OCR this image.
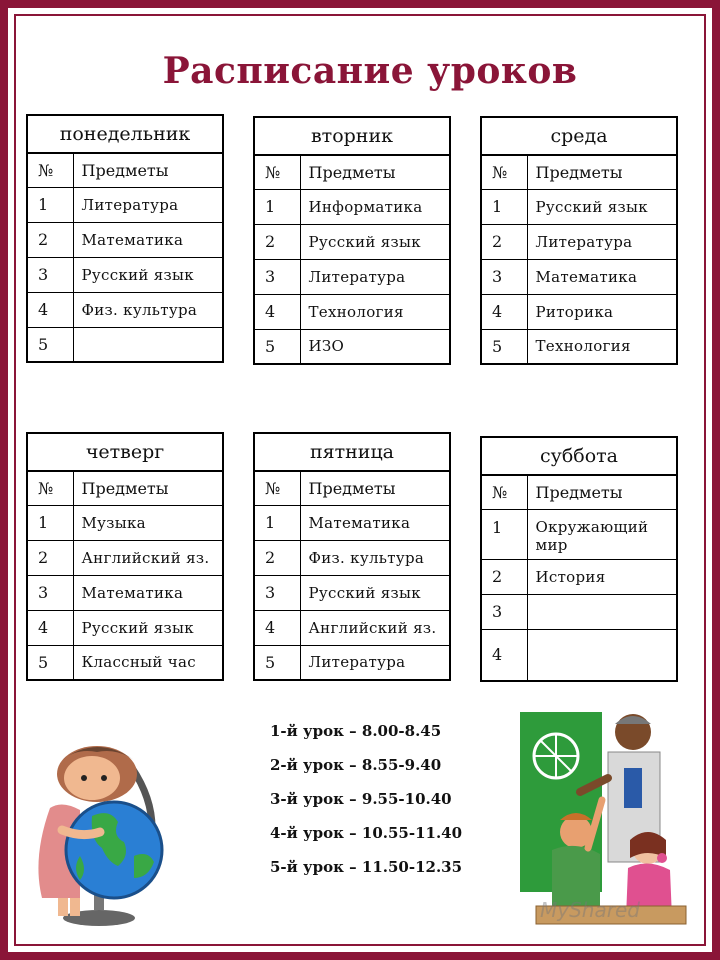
Расписание уроков
понедельник	
№	Предметы
1	Литература
2	Математика
3	Русский язык
4	Физ. культура
5	
вторник	
№	Предметы
1	Информатика
2	Русский язык
3	Литература
4	Технология
5	ИЗО
среда	
№	Предметы
1	Русский язык
2	Литература
3	Математика
4	Риторика
5	Технология
четверг	
№	Предметы
1	Музыка
2	Английский яз.
3	Математика
4	Русский язык
5	Классный час
пятница	
№	Предметы
1	Математика
2	Физ. культура
3	Русский язык
4	Английский яз.
5	Литература
суббота	
№	Предметы
1	Окружающий мир
2	История
3	
4	
1-й урок – 8.00-8.45
2-й урок – 8.55-9.40
3-й урок – 9.55-10.40
4-й урок – 10.55-11.40
5-й урок – 11.50-12.35
MyShared
